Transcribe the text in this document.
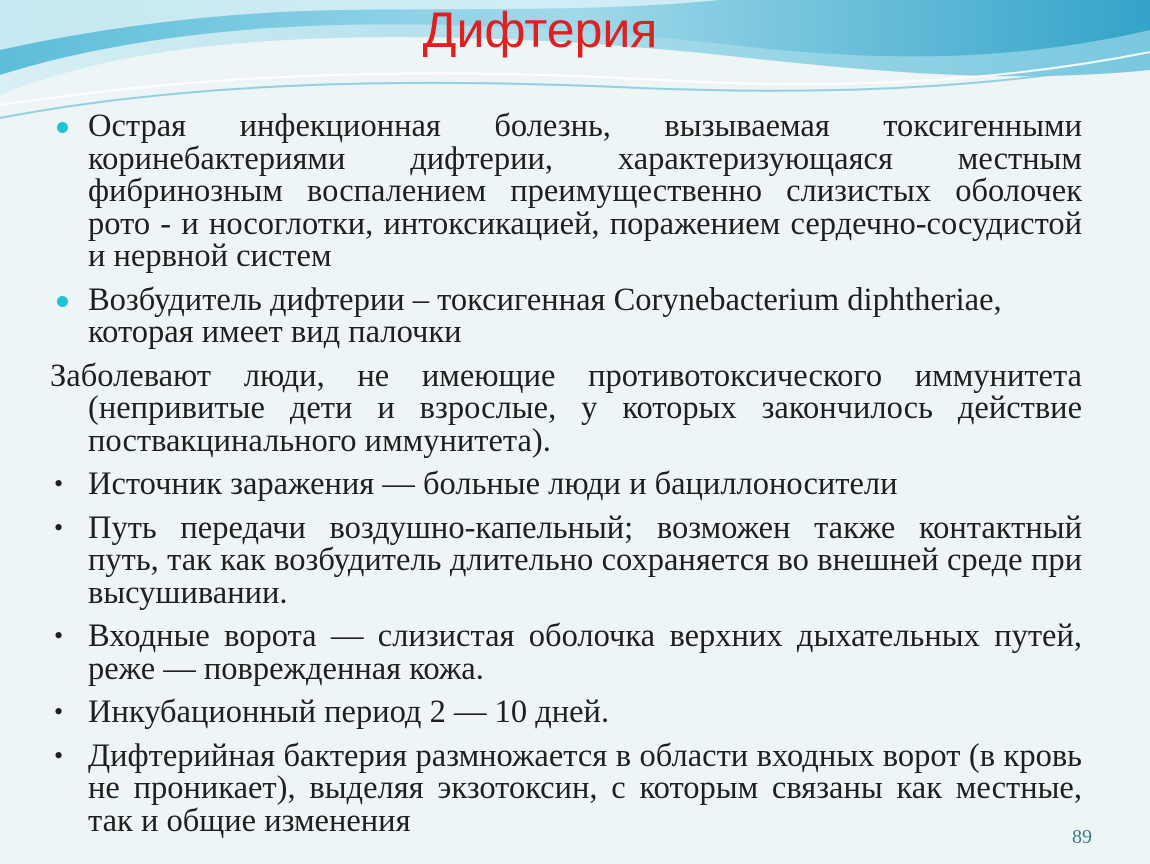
Дифтерия
Острая инфекционная болезнь, вызываемая токсигенными коринебактериями дифтерии, характеризующаяся местным фибринозным воспалением преимущественно слизистых оболочек рото - и носоглотки, интоксикацией, поражением сердечно-сосудистой и нервной систем
Возбудитель дифтерии – токсигенная Corynebacterium diphtheriae, которая имеет вид палочки
Заболевают люди, не имеющие противотоксического иммунитета (непривитые дети и взрослые, у которых закончилось действие поствакцинального иммунитета).
• Источник заражения — больные люди и бациллоносители
• Путь передачи воздушно-капельный; возможен также контактный путь, так как возбудитель длительно сохраняется во внешней среде при высушивании.
• Входные ворота — слизистая оболочка верхних дыхательных путей, реже — поврежденная кожа.
• Инкубационный период 2 — 10 дней.
• Дифтерийная бактерия размножается в области входных ворот (в кровь не проникает), выделяя экзотоксин, с которым связаны как местные, так и общие изменения	89
